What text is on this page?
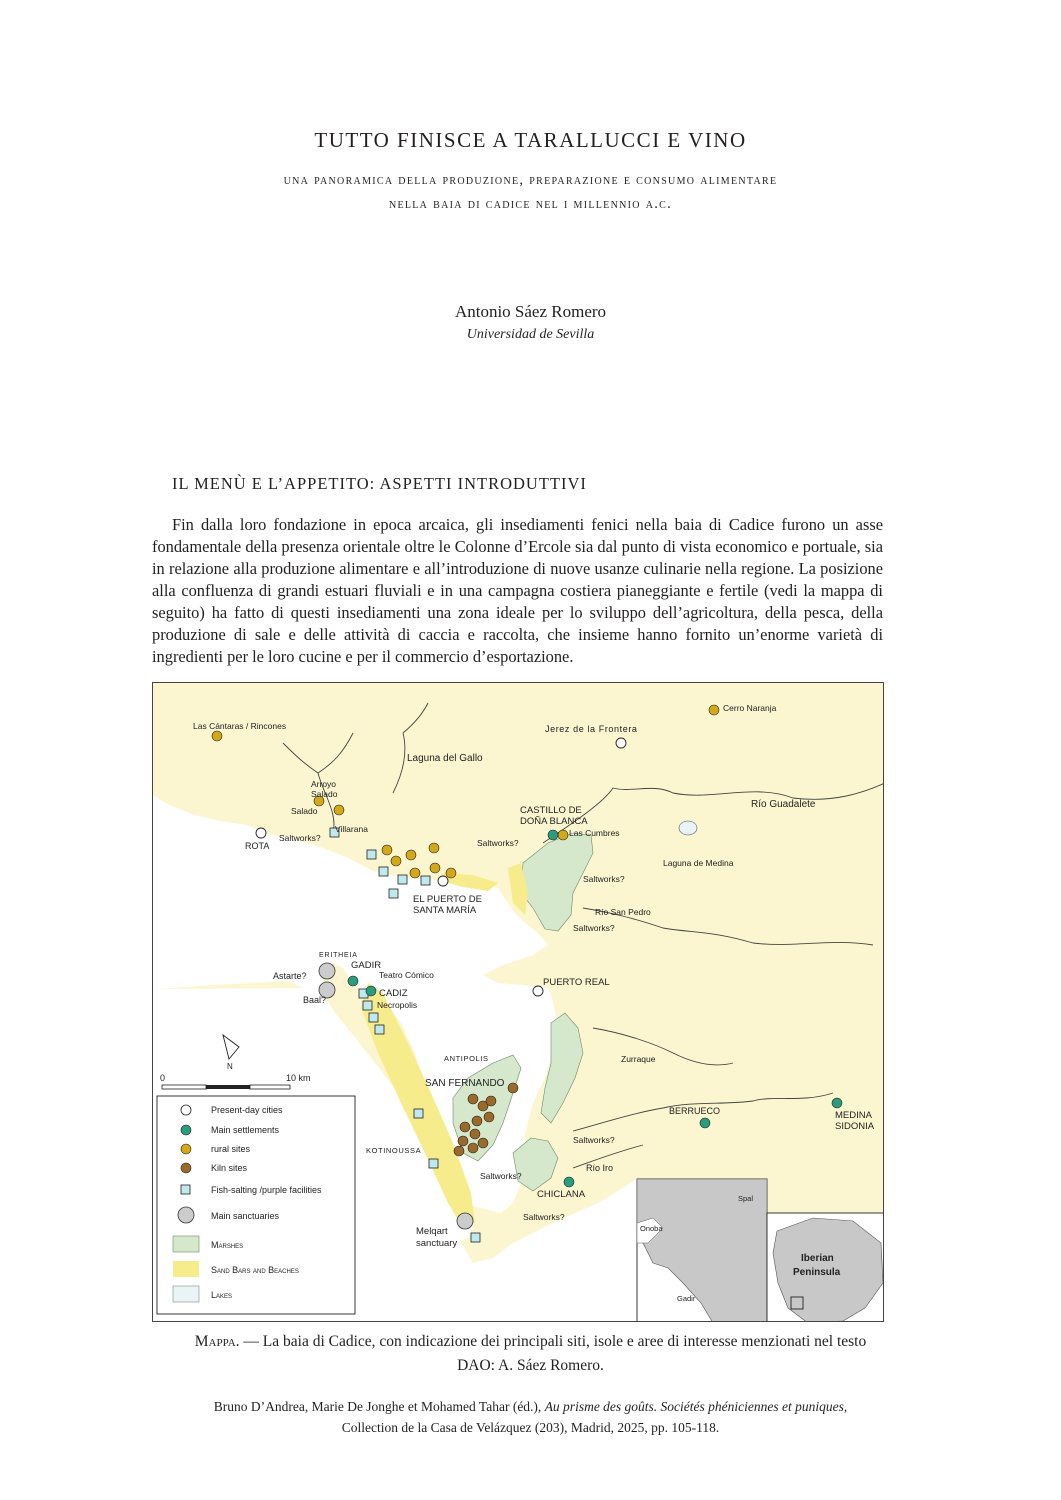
TUTTO FINISCE A TARALLUCCI E VINO
una panoramica della produzione, preparazione e consumo alimentare
nella baia di cadice nel i millennio a.c.
Antonio Sáez Romero
Universidad de Sevilla
IL MENÙ E L’APPETITO: ASPETTI INTRODUTTIVI
Fin dalla loro fondazione in epoca arcaica, gli insediamenti fenici nella baia di Cadice furono un asse fondamentale della presenza orientale oltre le Colonne d’Ercole sia dal punto di vista economico e portuale, sia in relazione alla produzione alimentare e all’introduzione di nuove usanze culinarie nella regione. La posizione alla confluenza di grandi estuari fluviali e in una campagna costiera pianeggiante e fertile (vedi la mappa di seguito) ha fatto di questi insediamenti una zona ideale per lo sviluppo dell’agricoltura, della pesca, della produzione di sale e delle attività di caccia e raccolta, che insieme hanno fornito un’enorme varietà di ingredienti per le loro cucine e per il commercio d’esportazione.
Las Cántaras / Rincones	Jerez de la Frontera
Cerro Naranja
Laguna del Gallo
Arroyo
Salado
Salado
Villarana
ROTA
Saltworks?
CASTILLO DE
DOÑA BLANCA
Las Cumbres
Río Guadalete
Saltworks?
Laguna de Medina
Saltworks?
Río San Pedro
Saltworks?
EL PUERTO DE
SANTA MARÍA
ERITHEIA
GADIR
Teatro Cómico
Astarte?
CADIZ
Baal?	Necropolis
PUERTO REAL
ANTIPOLIS
SAN FERNANDO
Zurraque
BERRUECO	MEDINA
SIDONIA
KOTINOUSSA
Saltworks?
Saltworks?
Río Iro
CHICLANA
Saltworks?
Melqart
sanctuary
N
0	10 km
Present-day cities
Main settlements
rural sites
Kiln sites
Fish-salting /purple facilities
Main sanctuaries
Marshes
Sand Bars and Beaches
Lakes
Spal
Onoba
Gadir
Iberian
Peninsula
Mappa. — La baia di Cadice, con indicazione dei principali siti, isole e aree di interesse menzionati nel testo
DAO: A. Sáez Romero.
Bruno D’Andrea, Marie De Jonghe et Mohamed Tahar (éd.), Au prisme des goûts. Sociétés phéniciennes et puniques,
Collection de la Casa de Velázquez (203), Madrid, 2025, pp. 105-118.
